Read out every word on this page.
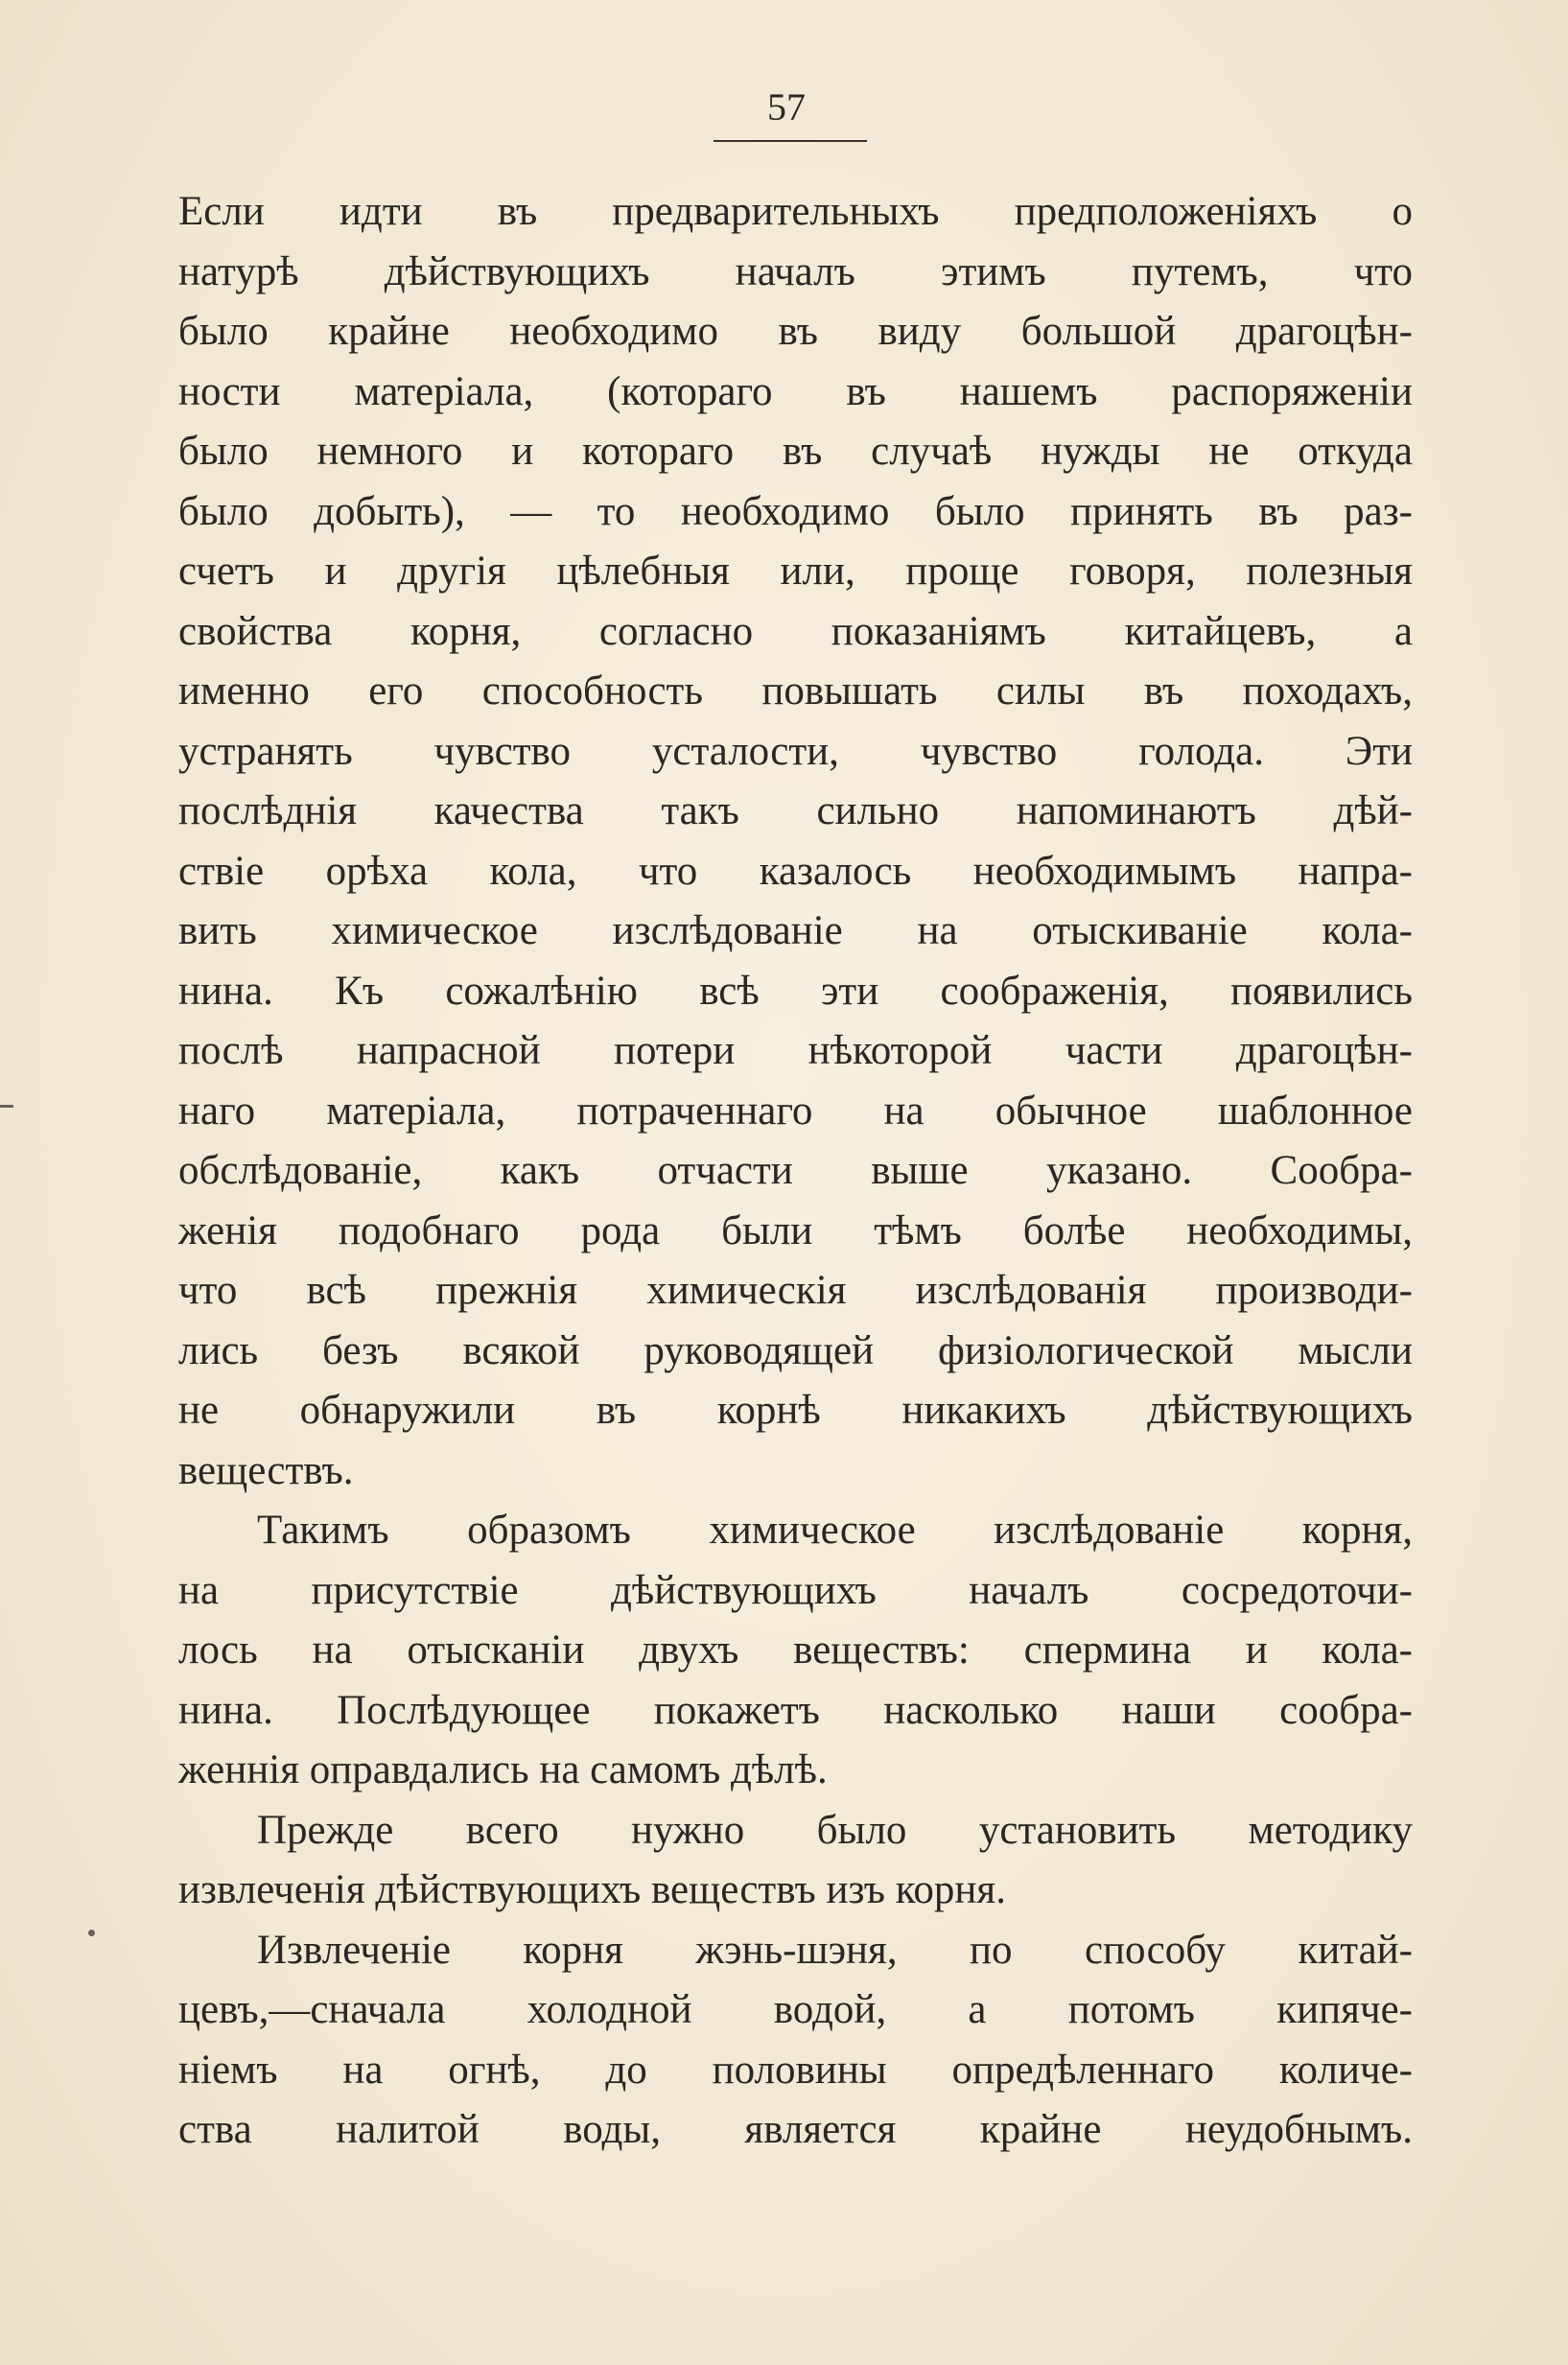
57
Если идти въ предварительныхъ предположеніяхъ о
натурѣ дѣйствующихъ началъ этимъ путемъ, что
было крайне необходимо въ виду большой драгоцѣн-
ности матеріала, (котораго въ нашемъ распоряженіи
было немного и котораго въ случаѣ нужды не откуда
было добыть), — то необходимо было принять въ раз-
счетъ и другія цѣлебныя или, проще говоря, полезныя
свойства корня, согласно показаніямъ китайцевъ, а
именно его способность повышать силы въ походахъ,
устранять чувство усталости, чувство голода. Эти
послѣднія качества такъ сильно напоминаютъ дѣй-
ствіе орѣха кола, что казалось необходимымъ напра-
вить химическое изслѣдованіе на отыскиваніе кола-
нина. Къ сожалѣнію всѣ эти соображенія, появились
послѣ напрасной потери нѣкоторой части драгоцѣн-
наго матеріала, потраченнаго на обычное шаблонное
обслѣдованіе, какъ отчасти выше указано. Сообра-
женія подобнаго рода были тѣмъ болѣе необходимы,
что всѣ прежнія химическія изслѣдованія производи-
лись безъ всякой руководящей физіологической мысли
не обнаружили въ корнѣ никакихъ дѣйствующихъ
веществъ.
Такимъ образомъ химическое изслѣдованіе корня,
на присутствіе дѣйствующихъ началъ сосредоточи-
лось на отысканіи двухъ веществъ: спермина и кола-
нина. Послѣдующее покажетъ насколько наши сообра-
женнія оправдались на самомъ дѣлѣ.
Прежде всего нужно было установить методику
извлеченія дѣйствующихъ веществъ изъ корня.
Извлеченіе корня жэнь-шэня, по способу китай-
цевъ,—сначала холодной водой, а потомъ кипяче-
ніемъ на огнѣ, до половины опредѣленнаго количе-
ства налитой воды, является крайне неудобнымъ.
